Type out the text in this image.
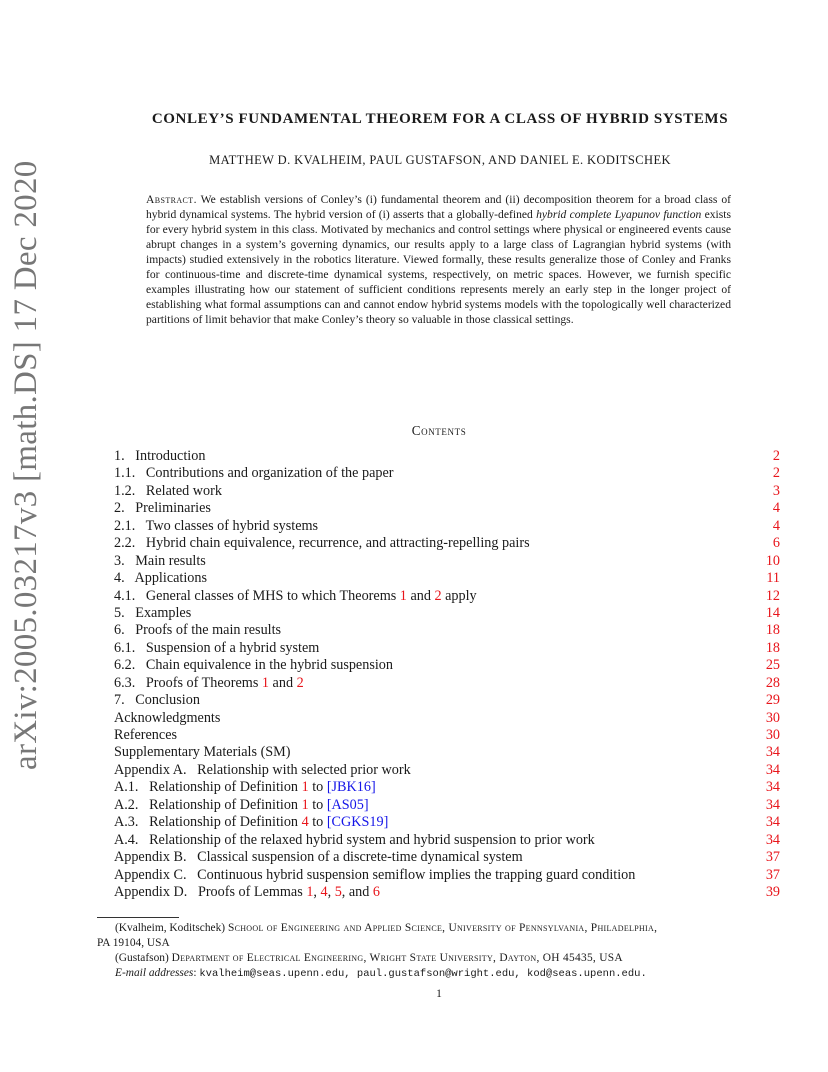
arXiv:2005.03217v3 [math.DS] 17 Dec 2020
CONLEY’S FUNDAMENTAL THEOREM FOR A CLASS OF HYBRID SYSTEMS
MATTHEW D. KVALHEIM, PAUL GUSTAFSON, AND DANIEL E. KODITSCHEK

Abstract. We establish versions of Conley’s (i) fundamental theorem and (ii) decomposition theorem for a broad class of hybrid dynamical systems. The hybrid version of (i) asserts that a globally-defined hybrid complete Lyapunov function exists for every hybrid system in this class. Motivated by mechanics and control settings where physical or engineered events cause abrupt changes in a system’s governing dynamics, our results apply to a large class of Lagrangian hybrid systems (with impacts) studied extensively in the robotics literature. Viewed formally, these results generalize those of Conley and Franks for continuous-time and discrete-time dynamical systems, respectively, on metric spaces. However, we furnish specific examples illustrating how our statement of sufficient conditions represents merely an early step in the longer project of establishing what formal assumptions can and cannot endow hybrid systems models with the topologically well characterized partitions of limit behavior that make Conley’s theory so valuable in those classical settings.

Contents
1. Introduction	2
1.1. Contributions and organization of the paper	2
1.2. Related work	3
2. Preliminaries	4
2.1. Two classes of hybrid systems	4
2.2. Hybrid chain equivalence, recurrence, and attracting-repelling pairs	6
3. Main results	10
4. Applications	11
4.1. General classes of MHS to which Theorems 1 and 2 apply	12
5. Examples	14
6. Proofs of the main results	18
6.1. Suspension of a hybrid system	18
6.2. Chain equivalence in the hybrid suspension	25
6.3. Proofs of Theorems 1 and 2	28
7. Conclusion	29
Acknowledgments	30
References	30
Supplementary Materials (SM)	34
Appendix A. Relationship with selected prior work	34
A.1. Relationship of Definition 1 to [JBK16]	34
A.2. Relationship of Definition 1 to [AS05]	34
A.3. Relationship of Definition 4 to [CGKS19]	34
A.4. Relationship of the relaxed hybrid system and hybrid suspension to prior work	34
Appendix B. Classical suspension of a discrete-time dynamical system	37
Appendix C. Continuous hybrid suspension semiflow implies the trapping guard condition	37
Appendix D. Proofs of Lemmas 1, 4, 5, and 6	39
(Kvalheim, Koditschek) School of Engineering and Applied Science, University of Pennsylvania, Philadelphia,
PA 19104, USA
(Gustafson) Department of Electrical Engineering, Wright State University, Dayton, OH 45435, USA
E-mail addresses: kvalheim@seas.upenn.edu, paul.gustafson@wright.edu, kod@seas.upenn.edu.
1
